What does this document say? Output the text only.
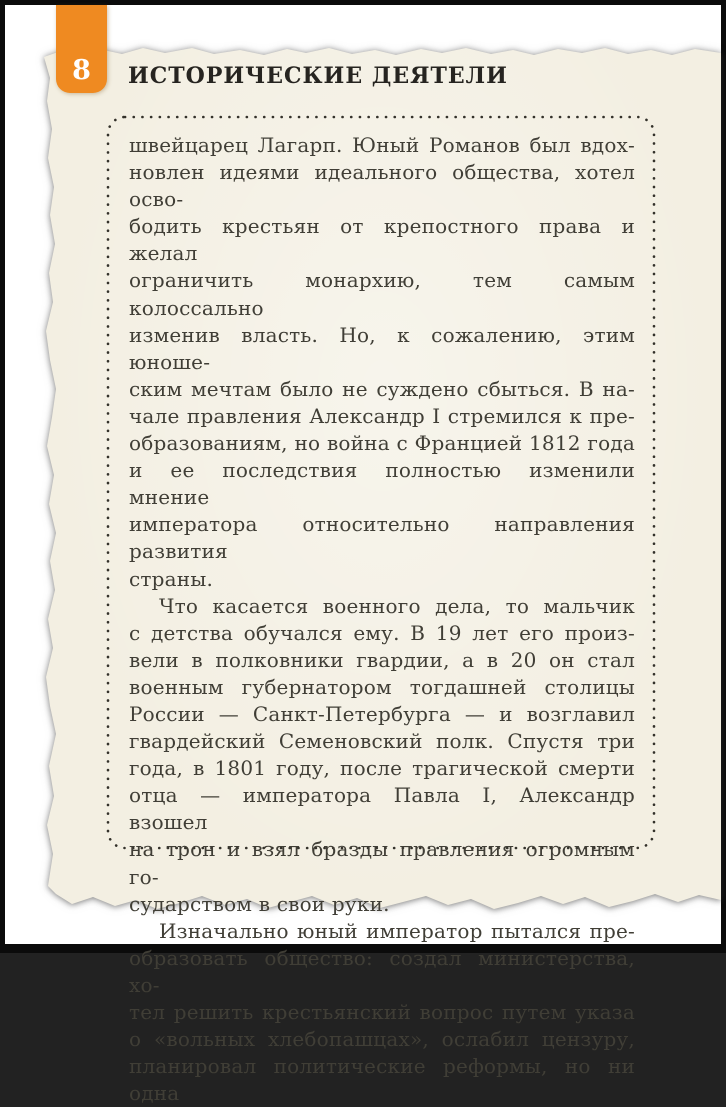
8 ИСТОРИЧЕСКИЕ ДЕЯТЕЛИ
швейцарец Лагарп. Юный Романов был вдох-
новлен идеями идеального общества, хотел осво-
бодить крестьян от крепостного права и желал
ограничить монархию, тем самым колоссально
изменив власть. Но, к сожалению, этим юноше-
ским мечтам было не суждено сбыться. В на-
чале правления Александр I стремился к пре-
образованиям, но война с Францией 1812 года
и ее последствия полностью изменили мнение
императора относительно направления развития
страны.
Что касается военного дела, то мальчик
с детства обучался ему. В 19 лет его произ-
вели в полковники гвардии, а в 20 он стал
военным губернатором тогдашней столицы
России — Санкт-Петербурга — и возглавил
гвардейский Семеновский полк. Спустя три
года, в 1801 году, после трагической смерти
отца — императора Павла I, Александр взошел
на трон и взял бразды правления огромным го-
сударством в свои руки.
Изначально юный император пытался пре-
образовать общество: создал министерства, хо-
тел решить крестьянский вопрос путем указа
о «вольных хлебопашцах», ослабил цензуру,
планировал политические реформы, но ни одна
